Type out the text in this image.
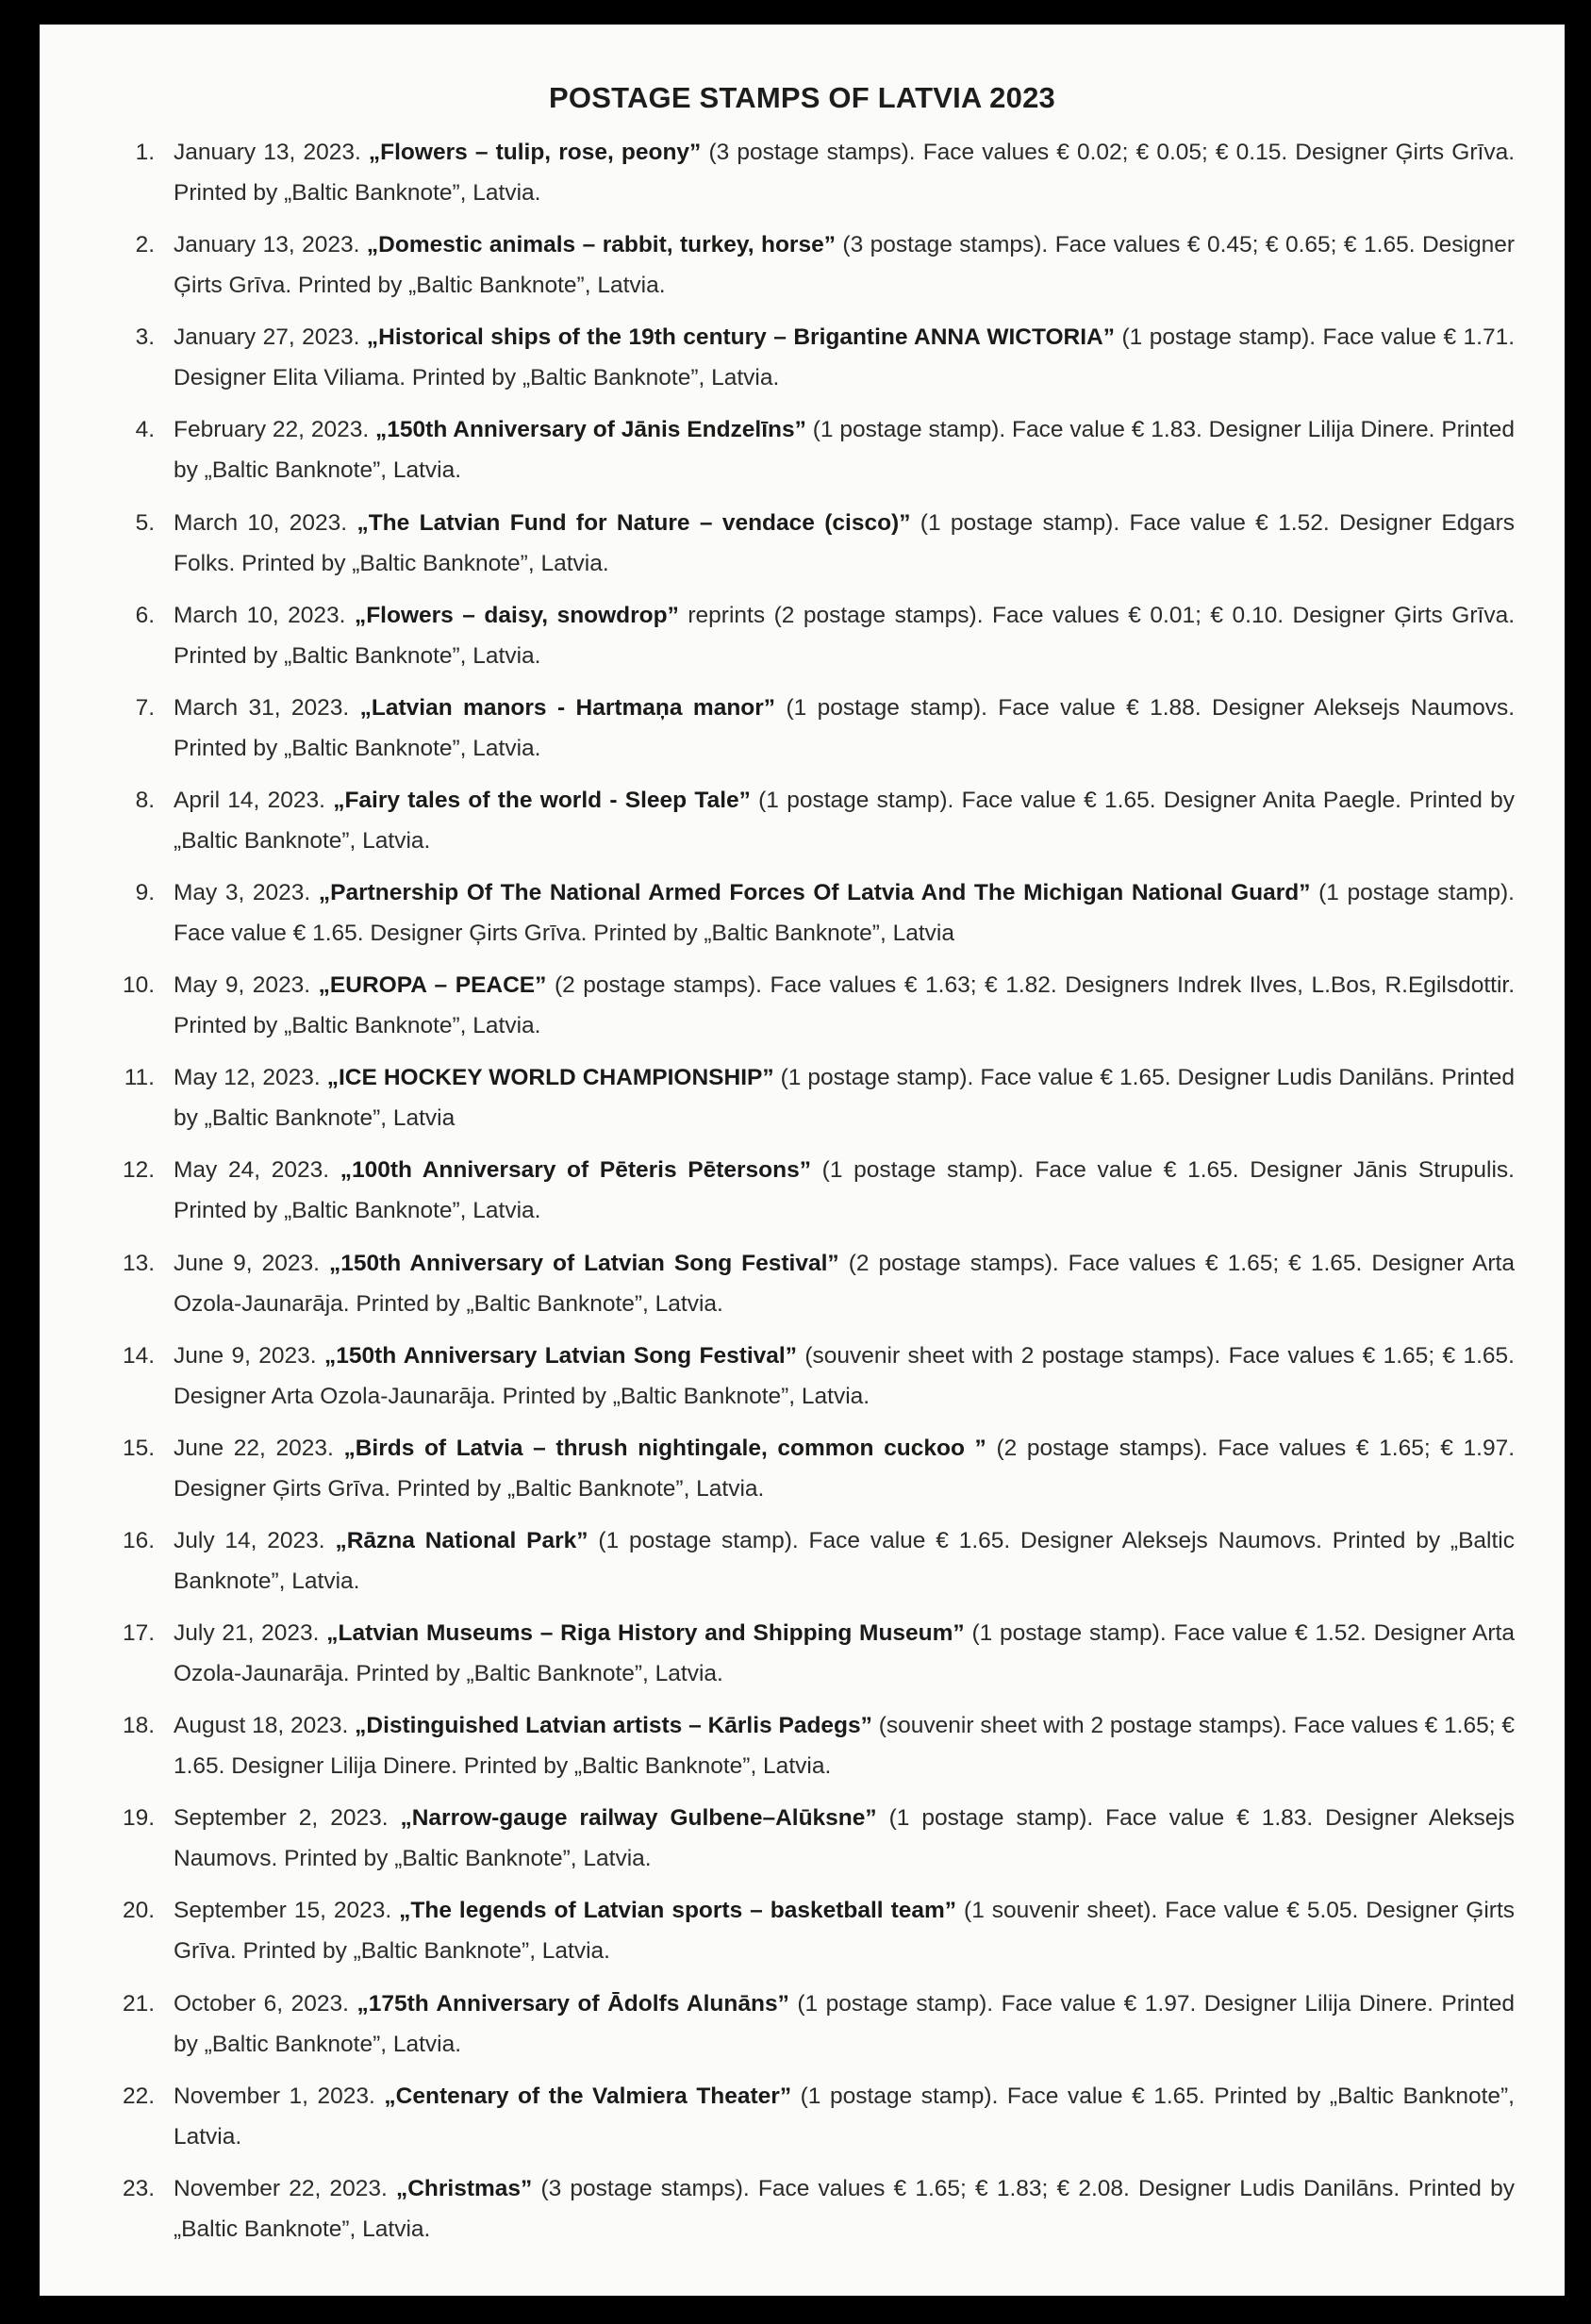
POSTAGE STAMPS OF LATVIA 2023
1. January 13, 2023. „Flowers – tulip, rose, peony” (3 postage stamps). Face values € 0.02; € 0.05; € 0.15. Designer Ģirts Grīva. Printed by „Baltic Banknote”, Latvia.
2. January 13, 2023. „Domestic animals – rabbit, turkey, horse” (3 postage stamps). Face values € 0.45; € 0.65; € 1.65. Designer Ģirts Grīva. Printed by „Baltic Banknote”, Latvia.
3. January 27, 2023. „Historical ships of the 19th century – Brigantine ANNA WICTORIA” (1 postage stamp). Face value € 1.71. Designer Elita Viliama. Printed by „Baltic Banknote”, Latvia.
4. February 22, 2023. „150th Anniversary of Jānis Endzelīns” (1 postage stamp). Face value € 1.83. Designer Lilija Dinere. Printed by „Baltic Banknote”, Latvia.
5. March 10, 2023. „The Latvian Fund for Nature – vendace (cisco)” (1 postage stamp). Face value € 1.52. Designer Edgars Folks. Printed by „Baltic Banknote”, Latvia.
6. March 10, 2023. „Flowers – daisy, snowdrop” reprints (2 postage stamps). Face values € 0.01; € 0.10. Designer Ģirts Grīva. Printed by „Baltic Banknote”, Latvia.
7. March 31, 2023. „Latvian manors - Hartmaņa manor” (1 postage stamp). Face value € 1.88. Designer Aleksejs Naumovs. Printed by „Baltic Banknote”, Latvia.
8. April 14, 2023. „Fairy tales of the world - Sleep Tale” (1 postage stamp). Face value € 1.65. Designer Anita Paegle. Printed by „Baltic Banknote”, Latvia.
9. May 3, 2023. „Partnership Of The National Armed Forces Of Latvia And The Michigan National Guard” (1 postage stamp). Face value € 1.65. Designer Ģirts Grīva. Printed by „Baltic Banknote”, Latvia
10. May 9, 2023. „EUROPA – PEACE” (2 postage stamps). Face values € 1.63; € 1.82. Designers Indrek Ilves, L.Bos, R.Egilsdottir. Printed by „Baltic Banknote”, Latvia.
11. May 12, 2023. „ICE HOCKEY WORLD CHAMPIONSHIP” (1 postage stamp). Face value € 1.65. Designer Ludis Danilāns. Printed by „Baltic Banknote”, Latvia
12. May 24, 2023. „100th Anniversary of Pēteris Pētersons” (1 postage stamp). Face value € 1.65. Designer Jānis Strupulis. Printed by „Baltic Banknote”, Latvia.
13. June 9, 2023. „150th Anniversary of Latvian Song Festival” (2 postage stamps). Face values € 1.65; € 1.65. Designer Arta Ozola-Jaunarāja. Printed by „Baltic Banknote”, Latvia.
14. June 9, 2023. „150th Anniversary Latvian Song Festival” (souvenir sheet with 2 postage stamps). Face values € 1.65; € 1.65. Designer Arta Ozola-Jaunarāja. Printed by „Baltic Banknote”, Latvia.
15. June 22, 2023. „Birds of Latvia – thrush nightingale, common cuckoo ” (2 postage stamps). Face values € 1.65; € 1.97. Designer Ģirts Grīva. Printed by „Baltic Banknote”, Latvia.
16. July 14, 2023. „Rāzna National Park” (1 postage stamp). Face value € 1.65. Designer Aleksejs Naumovs. Printed by „Baltic Banknote”, Latvia.
17. July 21, 2023. „Latvian Museums – Riga History and Shipping Museum” (1 postage stamp). Face value € 1.52. Designer Arta Ozola-Jaunarāja. Printed by „Baltic Banknote”, Latvia.
18. August 18, 2023. „Distinguished Latvian artists – Kārlis Padegs” (souvenir sheet with 2 postage stamps). Face values € 1.65; € 1.65. Designer Lilija Dinere. Printed by „Baltic Banknote”, Latvia.
19. September 2, 2023. „Narrow-gauge railway Gulbene–Alūksne” (1 postage stamp). Face value € 1.83. Designer Aleksejs Naumovs. Printed by „Baltic Banknote”, Latvia.
20. September 15, 2023. „The legends of Latvian sports – basketball team” (1 souvenir sheet). Face value € 5.05. Designer Ģirts Grīva. Printed by „Baltic Banknote”, Latvia.
21. October 6, 2023. „175th Anniversary of Ādolfs Alunāns” (1 postage stamp). Face value € 1.97. Designer Lilija Dinere. Printed by „Baltic Banknote”, Latvia.
22. November 1, 2023. „Centenary of the Valmiera Theater” (1 postage stamp). Face value € 1.65. Printed by „Baltic Banknote”, Latvia.
23. November 22, 2023. „Christmas” (3 postage stamps). Face values € 1.65; € 1.83; € 2.08. Designer Ludis Danilāns. Printed by „Baltic Banknote”, Latvia.
